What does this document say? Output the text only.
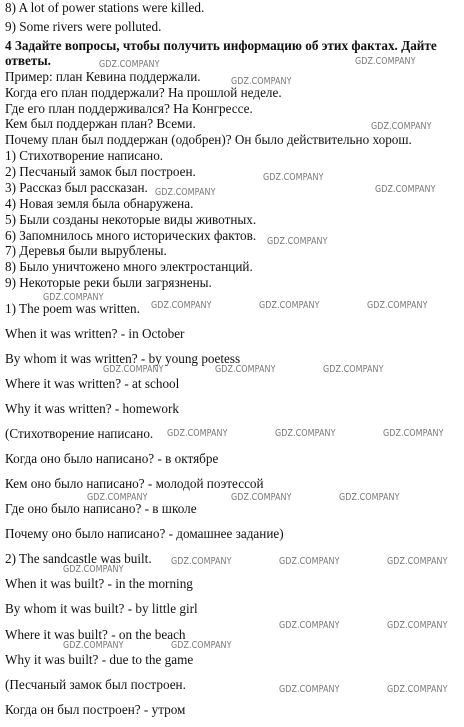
8) A lot of power stations were killed.
9) Some rivers were polluted.
4 Задайте вопросы, чтобы получить информацию об этих фактах. Дайте
ответы.
Пример: план Кевина поддержали.
Когда его план поддержали? На прошлой неделе.
Где его план поддерживался? На Конгрессе.
Кем был поддержан план? Всеми.
Почему план был поддержан (одобрен)? Он было действительно хорош.
1) Стихотворение написано.
2) Песчаный замок был построен.
3) Рассказ был рассказан.
4) Новая земля была обнаружена.
5) Были созданы некоторые виды животных.
6) Запомнилось много исторических фактов.
7) Деревья были вырублены.
8) Было уничтожено много электростанций.
9) Некоторые реки были загрязнены.
1) The poem was written.
When it was written? - in October
By whom it was written? - by young poetess
Where it was written? - at school
Why it was written? - homework
(Стихотворение написано.
Когда оно было написано? - в октябре
Кем оно было написано? - молодой поэтессой
Где оно было написано? - в школе
Почему оно было написано? - домашнее задание)
2) The sandcastle was built.
When it was built? - in the morning
By whom it was built? - by little girl
Where it was built? - on the beach
Why it was built? - due to the game
(Песчаный замок был построен.
Когда он был построен? - утром
GDZ.COMPANY	GDZ.COMPANY
GDZ.COMPANY
GDZ.COMPANY
GDZ.COMPANY
GDZ.COMPANY	GDZ.COMPANY
GDZ.COMPANY
GDZ.COMPANY
GDZ.COMPANY	GDZ.COMPANY	GDZ.COMPANY
GDZ.COMPANY	GDZ.COMPANY	GDZ.COMPANY
GDZ.COMPANY	GDZ.COMPANY	GDZ.COMPANY
GDZ.COMPANY	GDZ.COMPANY	GDZ.COMPANY
GDZ.COMPANY	GDZ.COMPANY	GDZ.COMPANY
GDZ.COMPANY
GDZ.COMPANY	GDZ.COMPANY
GDZ.COMPANY	GDZ.COMPANY
GDZ.COMPANY	GDZ.COMPANY
